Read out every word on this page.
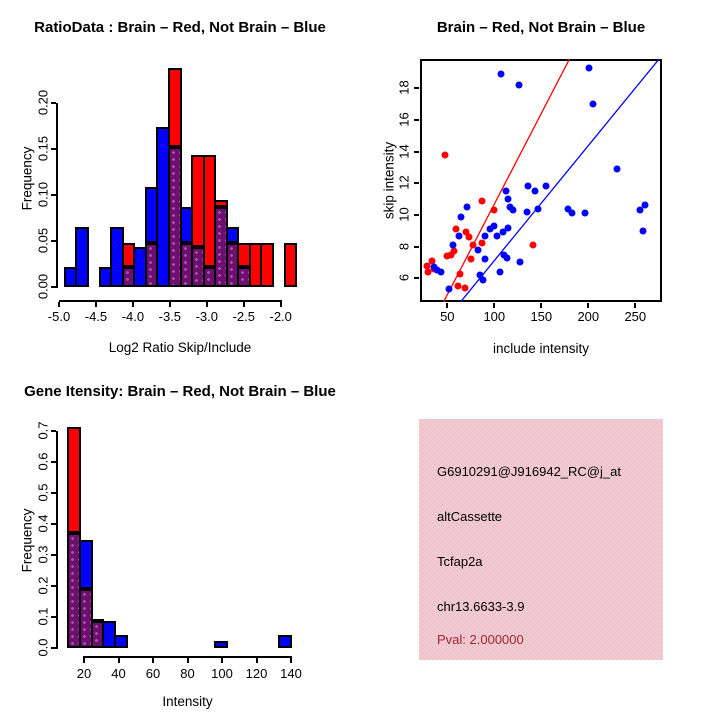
RatioData : Brain – Red, Not Brain – Blue	Brain – Red, Not Brain – Blue
Gene Itensity: Brain – Red, Not Brain – Blue
Log2 Ratio Skip/Include	include intensity
Intensity
Frequency	skip intensity
Frequency
0.00
0.05
0.10
0.15
0.20
-5.0	-4.5	-4.0	-3.5	-3.0	-2.5	-2.0	50	100	150	200	250
6
8
10
12
14
16
18
0.0
0.1
0.2
0.3
0.4
0.5
0.6
0.7
20	40	60	80	100 120 140
G6910291@J916942_RC@j_at
altCassette
Tcfap2a
chr13.6633-3.9
Pval: 2.000000
